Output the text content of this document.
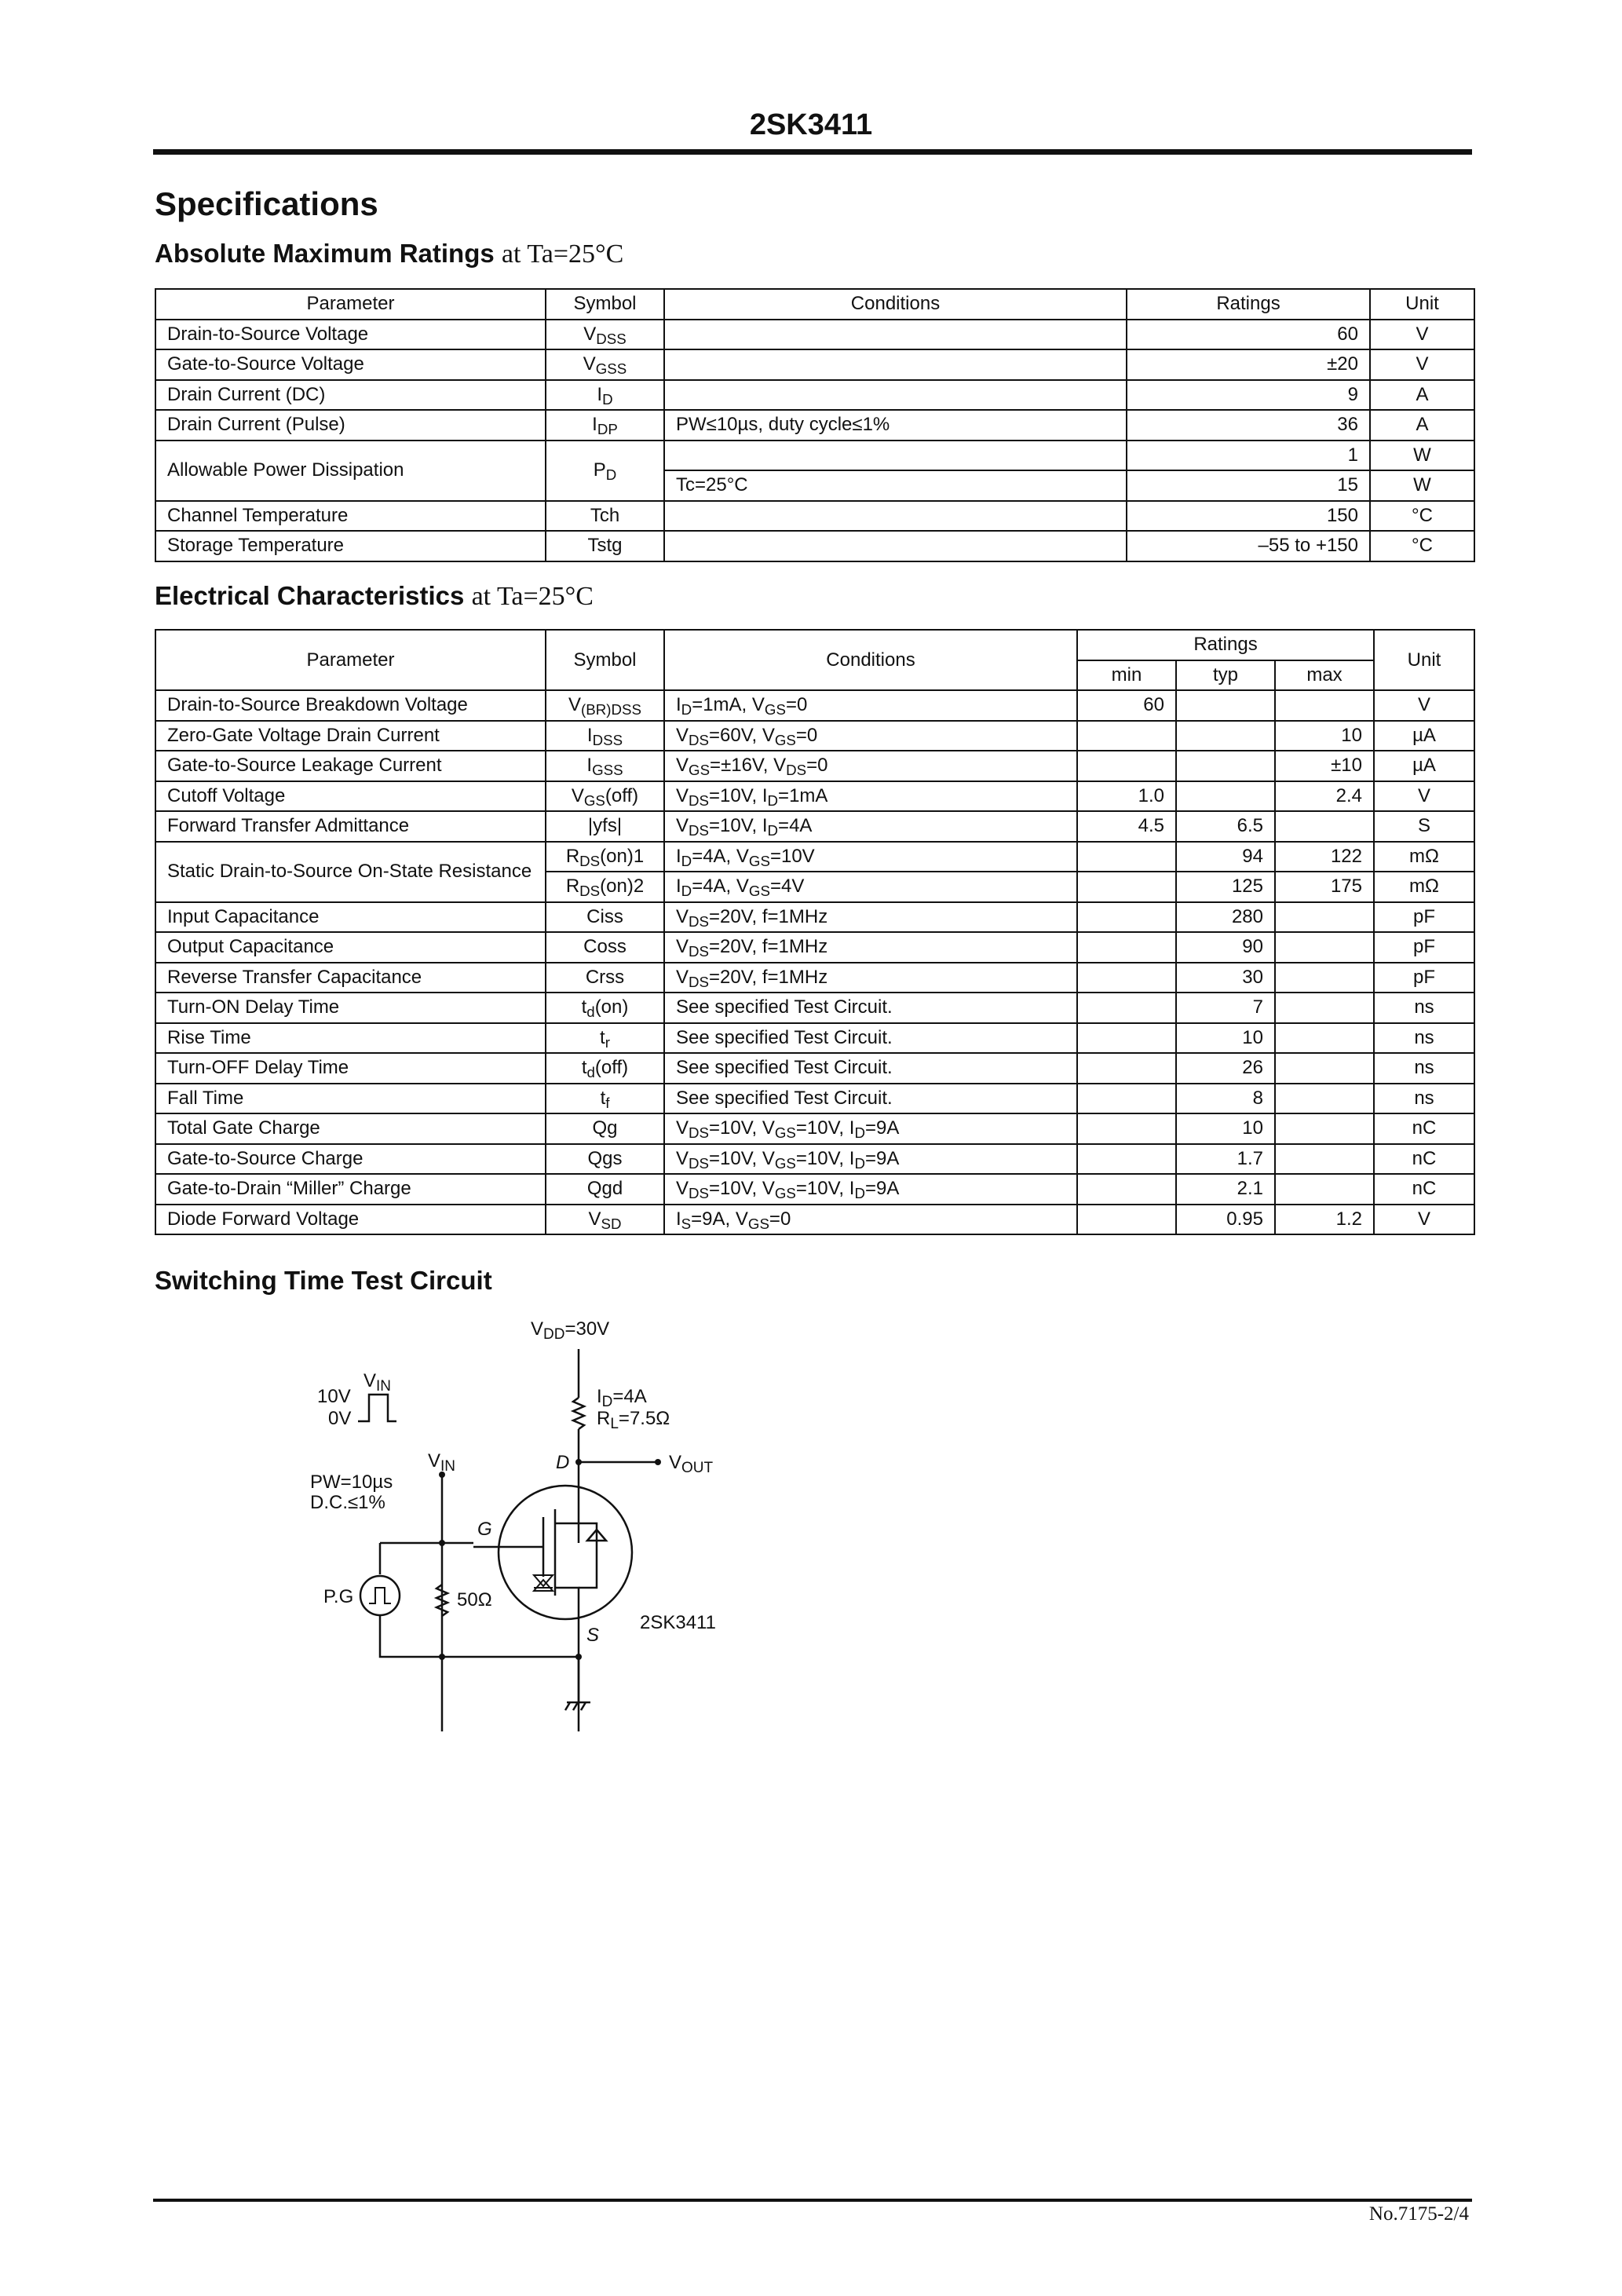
2SK3411
Specifications
Absolute Maximum Ratings at Ta=25°C
Parameter	Symbol	Conditions	Ratings	Unit
Drain-to-Source Voltage	$V_{DSS}$		60	V
Gate-to-Source Voltage	$V_{GSS}$		±20	V
Drain Current (DC)	$I_D$		9	A
Drain Current (Pulse)	$I_{DP}$	PW≤10µs, duty cycle≤1%	36	A
Allowable Power Dissipation	$P_D$		1	W
		Tc=25°C	15	W
Channel Temperature	Tch		150	°C
Storage Temperature	Tstg		–55 to +150	°C
Electrical Characteristics at Ta=25°C
Parameter	Symbol	Conditions	Ratings			Unit
			min	typ	max	
Drain-to-Source Breakdown Voltage	$V_{(BR)DSS}$	$I_D=1mA$, $V_{GS}=0$	60			V
Zero-Gate Voltage Drain Current	$I_{DSS}$	$V_{DS}=60V$, $V_{GS}=0$			10	µA
Gate-to-Source Leakage Current	$I_{GSS}$	$V_{GS}=\pm 16V$, $V_{DS}=0$			±10	µA
Cutoff Voltage	$V_{GS}(off)$	$V_{DS}=10V$, $I_D=1mA$	1.0		2.4	V
Forward Transfer Admittance	|yfs|	$V_{DS}=10V$, $I_D=4A$	4.5	6.5		S
Static Drain-to-Source On-State Resistance	$R_{DS}(on)1$	$I_D=4A$, $V_{GS}=10V$		94	122	mΩ
	$R_{DS}(on)2$	$I_D=4A$, $V_{GS}=4V$		125	175	mΩ
Input Capacitance	Ciss	$V_{DS}=20V$, f=1MHz		280		pF
Output Capacitance	Coss	$V_{DS}=20V$, f=1MHz		90		pF
Reverse Transfer Capacitance	Crss	$V_{DS}=20V$, f=1MHz		30		pF
Turn-ON Delay Time	$t_d(on)$	See specified Test Circuit.		7		ns
Rise Time	$t_r$	See specified Test Circuit.		10		ns
Turn-OFF Delay Time	$t_d(off)$	See specified Test Circuit.		26		ns
Fall Time	$t_f$	See specified Test Circuit.		8		ns
Total Gate Charge	Qg	$V_{DS}=10V$, $V_{GS}=10V$, $I_D=9A$		10		nC
Gate-to-Source Charge	Qgs	$V_{DS}=10V$, $V_{GS}=10V$, $I_D=9A$		1.7		nC
Gate-to-Drain “Miller” Charge	Qgd	$V_{DS}=10V$, $V_{GS}=10V$, $I_D=9A$		2.1		nC
Diode Forward Voltage	$V_{SD}$	$I_S=9A$, $V_{GS}=0$		0.95	1.2	V
Switching Time Test Circuit
$V_{DD}=30V$
$V_{IN}$
10V
0V
$V_{IN}$
PW=10µs
D.C.≤1%
$I_D=4A$
$R_L=7.5\Omega$
D	$V_{OUT}$
G
P.G	50Ω
S
2SK3411
No.7175-2/4
